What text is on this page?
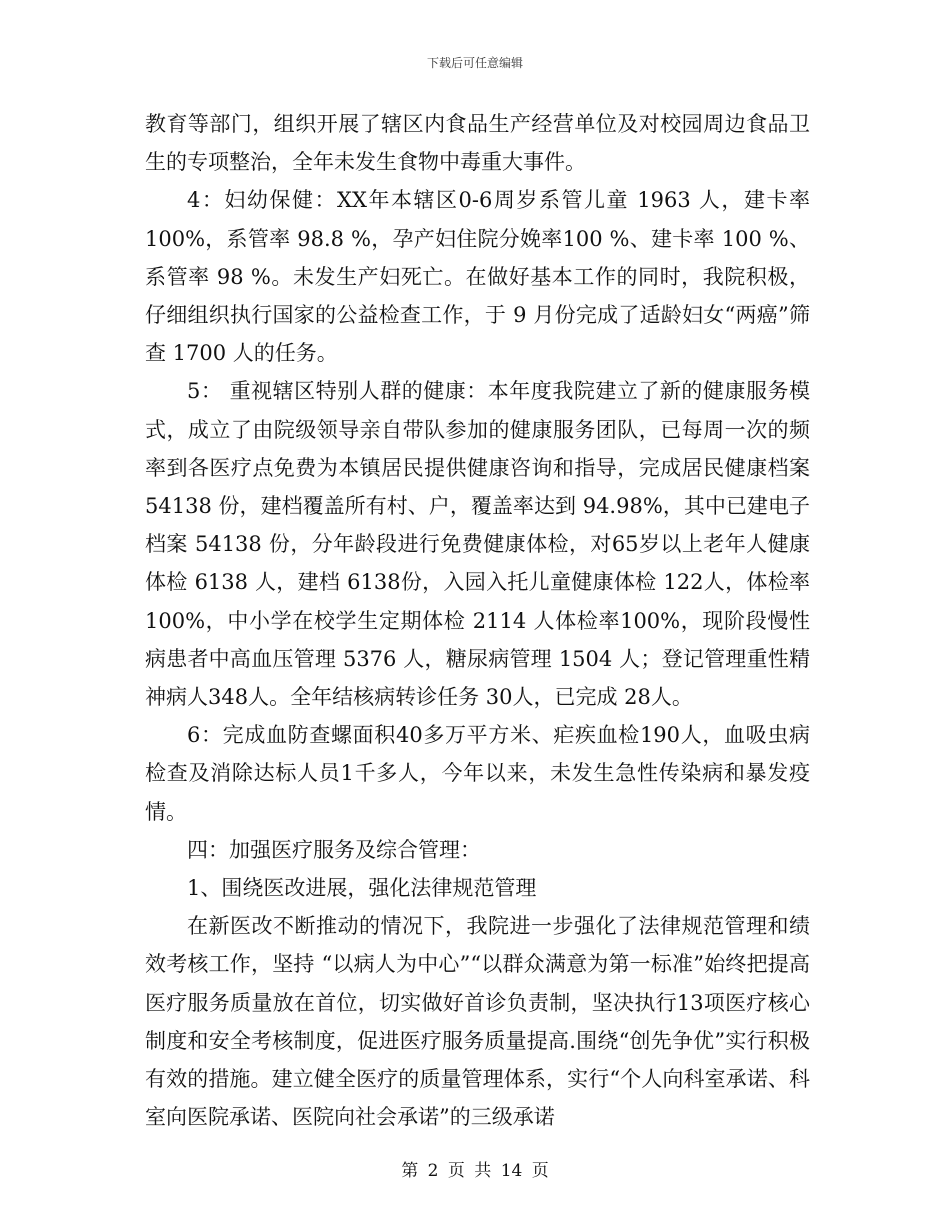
下载后可任意编辑

教育等部门，组织开展了辖区内食品生产经营单位及对校园周边食品卫生的专项整治，全年未发生食物中毒重大事件。

4：妇幼保健：XX年本辖区0-6周岁系管儿童 1963 人，建卡率100%，系管率 98.8 %，孕产妇住院分娩率100 %、建卡率 100 %、系管率 98 %。未发生产妇死亡。在做好基本工作的同时，我院积极，仔细组织执行国家的公益检查工作，于 9 月份完成了适龄妇女“两癌”筛查 1700 人的任务。

5： 重视辖区特别人群的健康：本年度我院建立了新的健康服务模式，成立了由院级领导亲自带队参加的健康服务团队，已每周一次的频率到各医疗点免费为本镇居民提供健康咨询和指导，完成居民健康档案 54138 份，建档覆盖所有村、户，覆盖率达到 94.98%，其中已建电子档案 54138 份，分年龄段进行免费健康体检，对65岁以上老年人健康体检 6138 人，建档 6138份，入园入托儿童健康体检 122人，体检率100%，中小学在校学生定期体检 2114 人体检率100%，现阶段慢性病患者中高血压管理 5376 人，糖尿病管理 1504 人；登记管理重性精神病人348人。全年结核病转诊任务 30人，已完成 28人。

6：完成血防查螺面积40多万平方米、疟疾血检190人，血吸虫病检查及消除达标人员1千多人，今年以来，未发生急性传染病和暴发疫情。

四：加强医疗服务及综合管理：

1、围绕医改进展，强化法律规范管理

在新医改不断推动的情况下，我院进一步强化了法律规范管理和绩效考核工作，坚持 “以病人为中心”“以群众满意为第一标准”始终把提高医疗服务质量放在首位，切实做好首诊负责制，坚决执行13项医疗核心制度和安全考核制度，促进医疗服务质量提高.围绕“创先争优”实行积极有效的措施。建立健全医疗的质量管理体系，实行“个人向科室承诺、科室向医院承诺、医院向社会承诺”的三级承诺

第 2 页 共 14 页
